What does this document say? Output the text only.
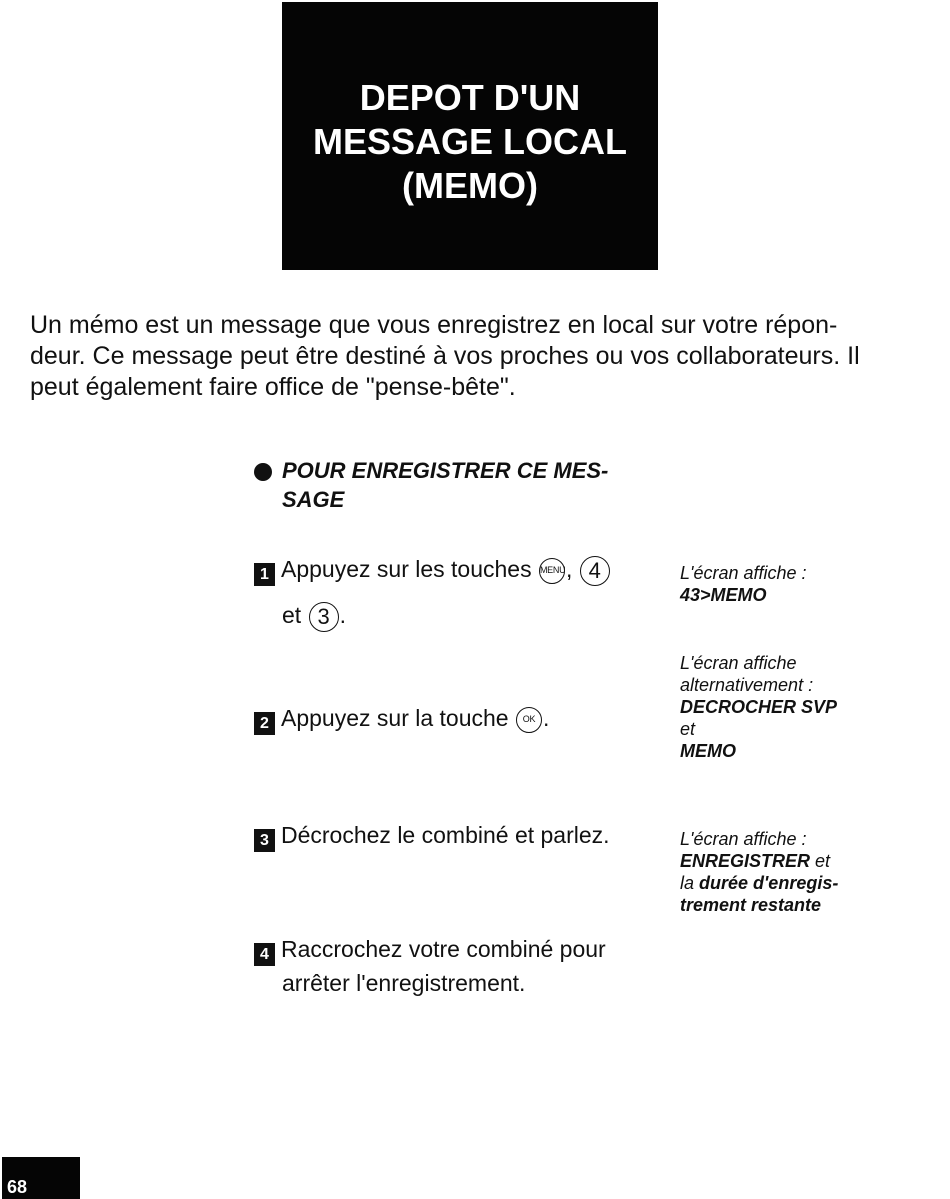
DEPOT D'UN
MESSAGE LOCAL
(MEMO)
Un mémo est un message que vous enregistrez en local sur votre répon-
deur. Ce message peut être destiné à vos proches ou vos collaborateurs. Il
peut également faire office de "pense-bête".
POUR ENREGISTRER CE MES-
SAGE
1 Appuyez sur les touches MENU, 4
et 3 .
2 Appuyez sur la touche OK .
3 Décrochez le combiné et parlez.
4 Raccrochez votre combiné pour
arrêter l'enregistrement.
L'écran affiche :
43>MEMO
L'écran affiche
alternativement :
DECROCHER SVP
et
MEMO
L'écran affiche :
ENREGISTRER et
la durée d'enregis-
trement restante
68
